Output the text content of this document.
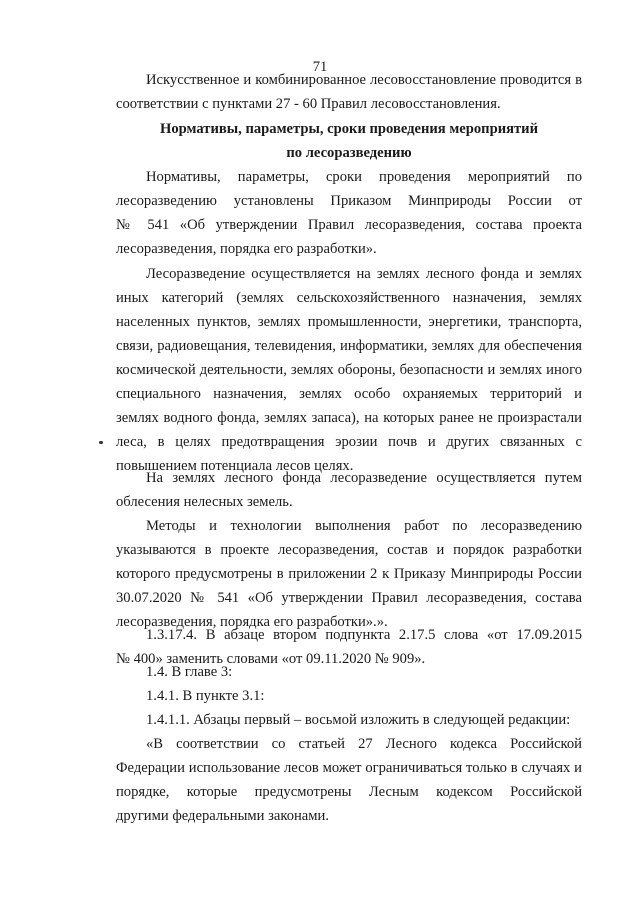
71
Искусственное и комбинированное лесовосстановление проводится в
соответствии с пунктами 27 - 60 Правил лесовосстановления.
Нормативы, параметры, сроки проведения мероприятий
по лесоразведению
Нормативы, параметры, сроки проведения мероприятий по
лесоразведению установлены Приказом Минприроды России от
№ 541 «Об утверждении Правил лесоразведения, состава проекта
лесоразведения, порядка его разработки».
Лесоразведение осуществляется на землях лесного фонда и землях
иных категорий (землях сельскохозяйственного назначения, землях
населенных пунктов, землях промышленности, энергетики, транспорта,
связи, радиовещания, телевидения, информатики, землях для обеспечения
космической деятельности, землях обороны, безопасности и землях иного
специального назначения, землях особо охраняемых территорий и
землях водного фонда, землях запаса), на которых ранее не произрастали
леса, в целях предотвращения эрозии почв и других связанных с
повышением потенциала лесов целях.
На землях лесного фонда лесоразведение осуществляется путем
облесения нелесных земель.
Методы и технологии выполнения работ по лесоразведению
указываются в проекте лесоразведения, состав и порядок разработки
которого предусмотрены в приложении 2 к Приказу Минприроды России
30.07.2020 № 541 «Об утверждении Правил лесоразведения, состава
лесоразведения, порядка его разработки».».
1.3.17.4. В абзаце втором подпункта 2.17.5 слова «от 17.09.2015
№ 400» заменить словами «от 09.11.2020 № 909».
1.4. В главе 3:
1.4.1. В пункте 3.1:
1.4.1.1. Абзацы первый – восьмой изложить в следующей редакции:
«В соответствии со статьей 27 Лесного кодекса Российской
Федерации использование лесов может ограничиваться только в случаях и
порядке, которые предусмотрены Лесным кодексом Российской
другими федеральными законами.
